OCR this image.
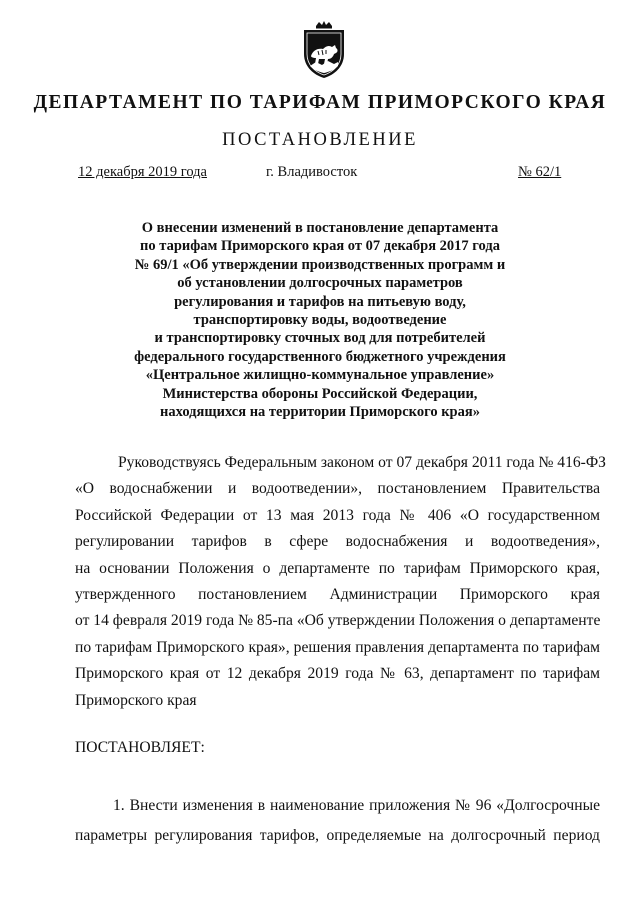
ДЕПАРТАМЕНТ ПО ТАРИФАМ ПРИМОРСКОГО КРАЯ
ПОСТАНОВЛЕНИЕ
12 декабря 2019 года	г. Владивосток	№ 62/1
О внесении изменений в постановление департамента
по тарифам Приморского края от 07 декабря 2017 года
№ 69/1 «Об утверждении производственных программ и
об установлении долгосрочных параметров
регулирования и тарифов на питьевую воду,
транспортировку воды, водоотведение
и транспортировку сточных вод для потребителей
федерального государственного бюджетного учреждения
«Центральное жилищно-коммунальное управление»
Министерства обороны Российской Федерации,
находящихся на территории Приморского края»
Руководствуясь Федеральным законом от 07 декабря 2011 года № 416-ФЗ
«О водоснабжении и водоотведении», постановлением Правительства
Российской Федерации от 13 мая 2013 года № 406 «О государственном
регулировании тарифов в сфере водоснабжения и водоотведения»,
на основании Положения о департаменте по тарифам Приморского края,
утвержденного постановлением Администрации Приморского края
от 14 февраля 2019 года № 85-па «Об утверждении Положения о департаменте
по тарифам Приморского края», решения правления департамента по тарифам
Приморского края от 12 декабря 2019 года № 63, департамент по тарифам
Приморского края
ПОСТАНОВЛЯЕТ:
1. Внести изменения в наименование приложения № 96 «Долгосрочные
параметры регулирования тарифов, определяемые на долгосрочный период
